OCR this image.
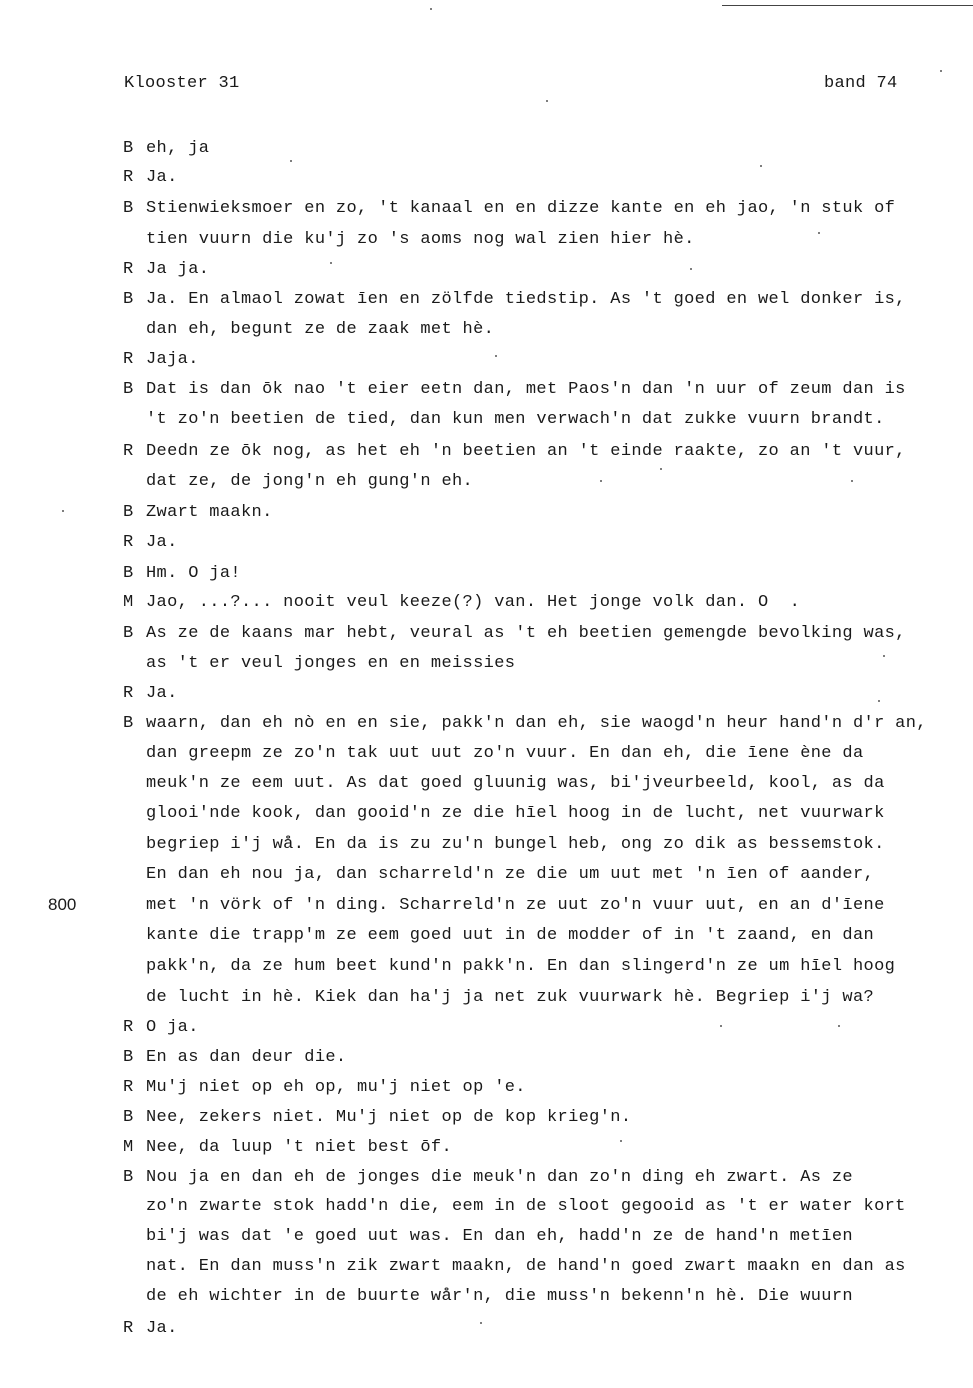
Klooster 31	band 74
800
B eh, ja
R Ja.
B Stienwieksmoer en zo, 't kanaal en en dizze kante en eh jao, 'n stuk of
tien vuurn die ku'j zo 's aoms nog wal zien hier hè.
R Ja ja.
B Ja. En almaol zowat īen en zölfde tiedstip. As 't goed en wel donker is,
dan eh, begunt ze de zaak met hè.
R Jaja.
B Dat is dan ōk nao 't eier eetn dan, met Paos'n dan 'n uur of zeum dan is
't zo'n beetien de tied, dan kun men verwach'n dat zukke vuurn brandt.
R Deedn ze ōk nog, as het eh 'n beetien an 't einde raakte, zo an 't vuur,
dat ze, de jong'n eh gung'n eh.
B Zwart maakn.
R Ja.
B Hm. O ja!
M Jao, ...?... nooit veul keeze(?) van. Het jonge volk dan. O  .
B As ze de kaans mar hebt, veural as 't eh beetien gemengde bevolking was,
as 't er veul jonges en en meissies
R Ja.
B waarn, dan eh nò en en sie, pakk'n dan eh, sie waogd'n heur hand'n d'r an,
dan greepm ze zo'n tak uut uut zo'n vuur. En dan eh, die īene ène da
meuk'n ze eem uut. As dat goed gluunig was, bi'jveurbeeld, kool, as da
glooi'nde kook, dan gooid'n ze die hīel hoog in de lucht, net vuurwark
begriep i'j wå. En da is zu zu'n bungel heb, ong zo dik as bessemstok.
En dan eh nou ja, dan scharreld'n ze die um uut met 'n īen of aander,
met 'n vörk of 'n ding. Scharreld'n ze uut zo'n vuur uut, en an d'īene
kante die trapp'm ze eem goed uut in de modder of in 't zaand, en dan
pakk'n, da ze hum beet kund'n pakk'n. En dan slingerd'n ze um hīel hoog
de lucht in hè. Kiek dan ha'j ja net zuk vuurwark hè. Begriep i'j wa?
R O ja.
B En as dan deur die.
R Mu'j niet op eh op, mu'j niet op 'e.
B Nee, zekers niet. Mu'j niet op de kop krieg'n.
M Nee, da luup 't niet best ōf.
B Nou ja en dan eh de jonges die meuk'n dan zo'n ding eh zwart. As ze
zo'n zwarte stok hadd'n die, eem in de sloot gegooid as 't er water kort
bi'j was dat 'e goed uut was. En dan eh, hadd'n ze de hand'n metīen
nat. En dan muss'n zik zwart maakn, de hand'n goed zwart maakn en dan as
de eh wichter in de buurte wår'n, die muss'n bekenn'n hè. Die wuurn
R Ja.
